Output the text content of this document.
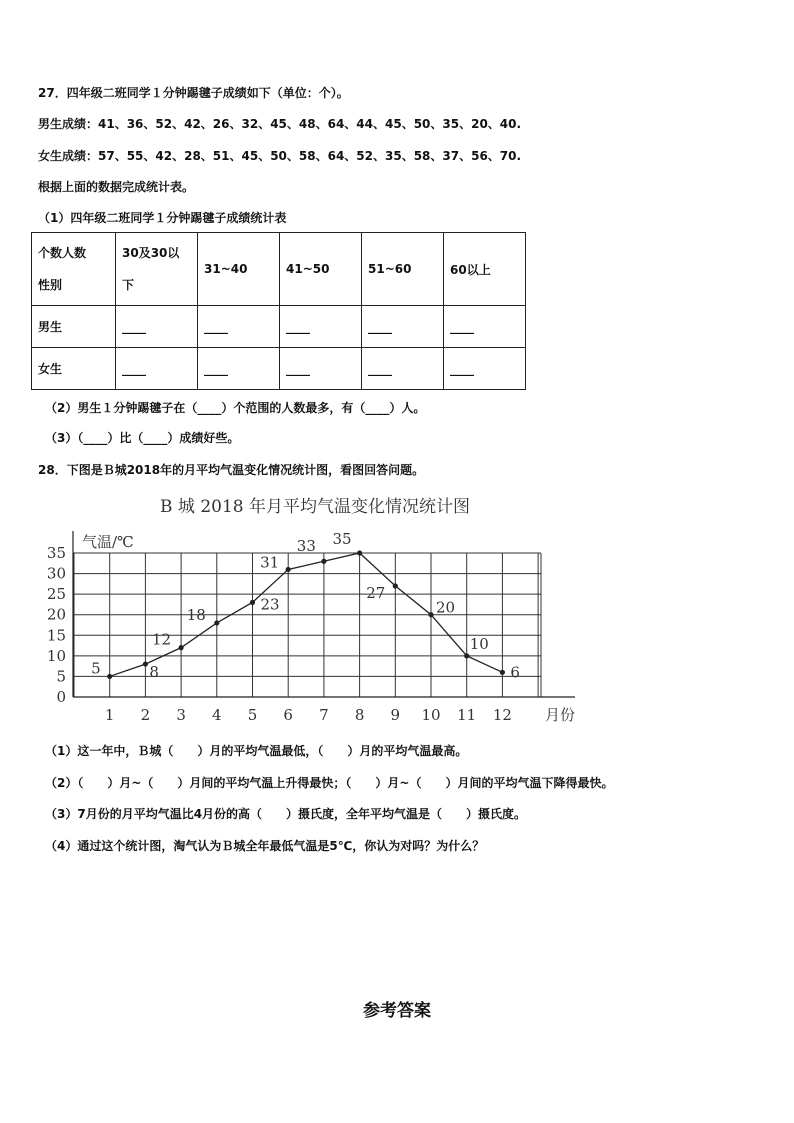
27．四年级二班同学１分钟踢毽子成绩如下（单位：个）。
男生成绩：41、36、52、42、26、32、45、48、64、44、45、50、35、20、40.
女生成绩：57、55、42、28、51、45、50、58、64、52、35、58、37、56、70.
根据上面的数据完成统计表。
（1）四年级二班同学１分钟踢毽子成绩统计表
个数人数
性别	30及30以下	31~40	41~50	51~60	60以上
男生	____	____	____	____	____
女生	____	____	____	____	____
（2）男生１分钟踢毽子在（____）个范围的人数最多，有（____）人。
（3）（____）比（____）成绩好些。
28．下图是Ｂ城2018年的月平均气温变化情况统计图，看图回答问题。
B 城 2018 年月平均气温变化情况统计图
气温/℃
0
5
10
15
20
25
30
35
1 2 3 4 5 6 7 8 9 10 11 12 月份
5	8
12
18
23
31
33 35
27
20
10
6
（1）这一年中，Ｂ城（　　）月的平均气温最低，（　　）月的平均气温最高。
（2）（　　）月~（　　）月间的平均气温上升得最快；（　　）月~（　　）月间的平均气温下降得最快。
（3）7月份的月平均气温比4月份的高（　　）摄氏度，全年平均气温是（　　）摄氏度。
（4）通过这个统计图，淘气认为Ｂ城全年最低气温是5℃，你认为对吗？为什么？
参考答案
